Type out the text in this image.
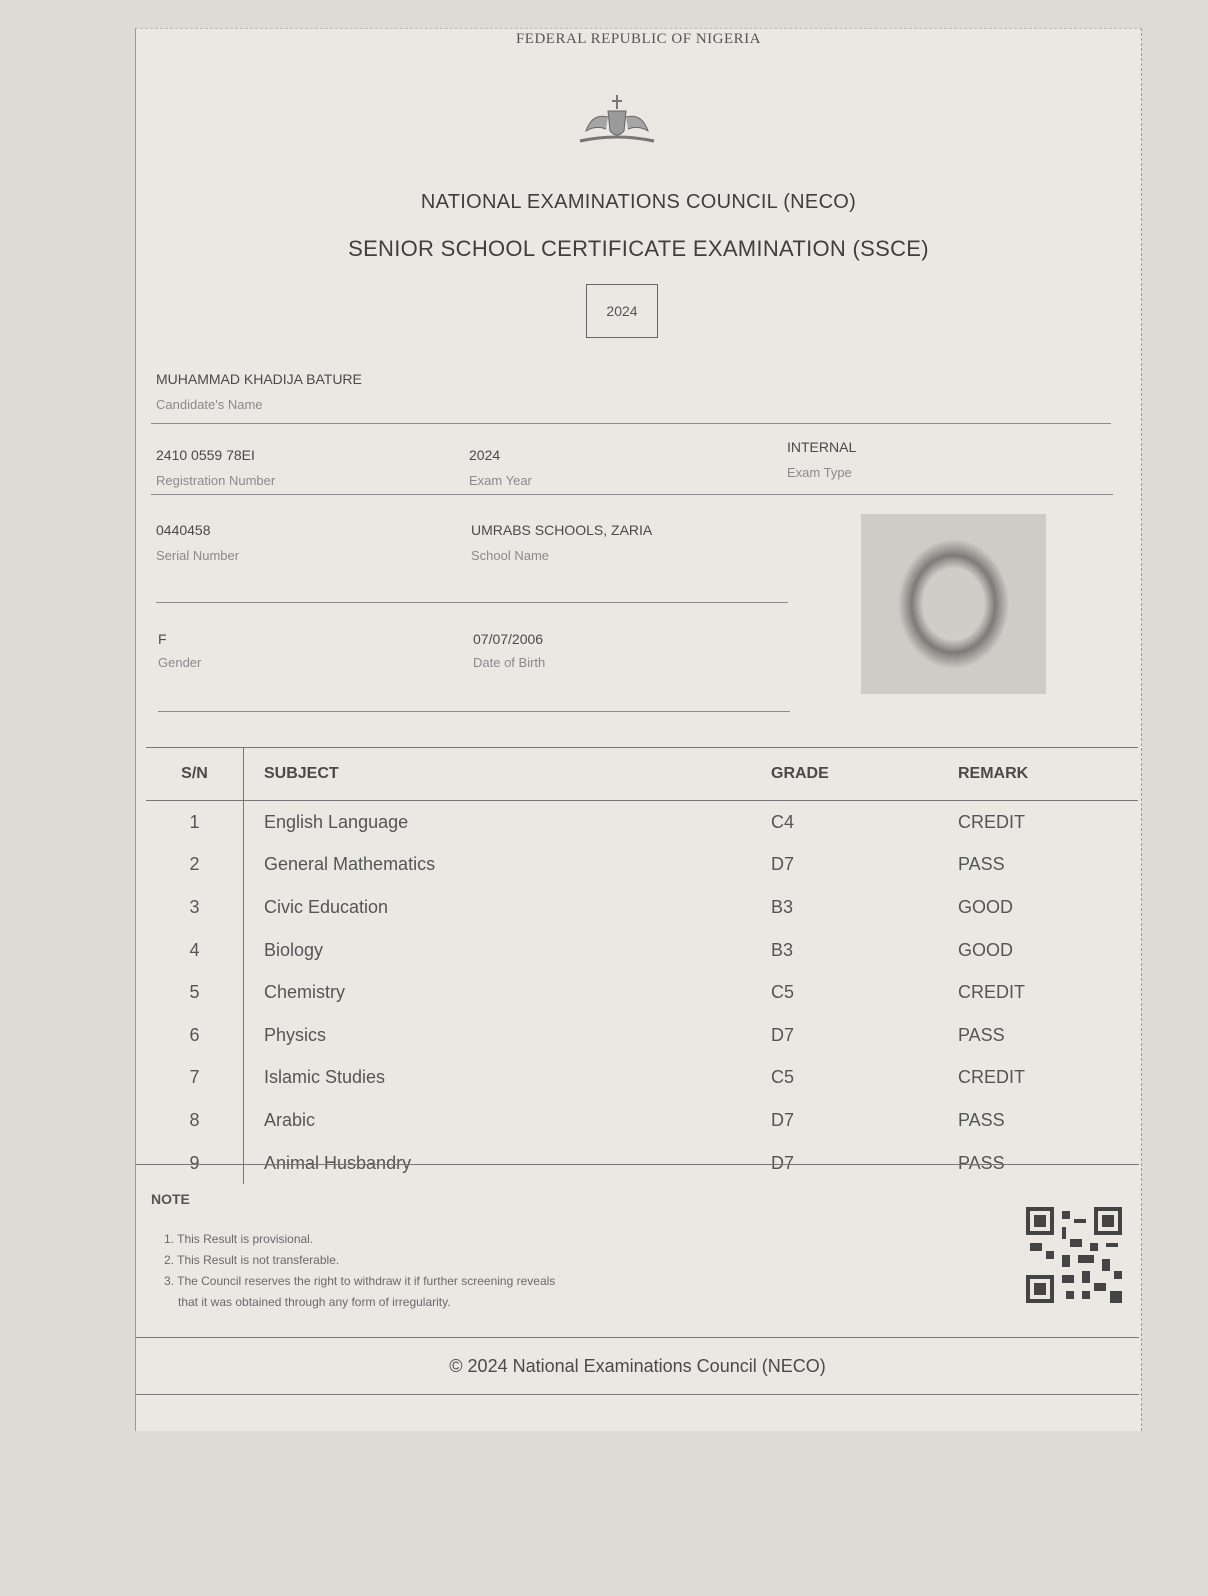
FEDERAL REPUBLIC OF NIGERIA
NATIONAL EXAMINATIONS COUNCIL (NECO)
SENIOR SCHOOL CERTIFICATE EXAMINATION (SSCE)
2024
MUHAMMAD KHADIJA BATURE
Candidate's Name
2410 0559 78EI
Registration Number
2024
Exam Year
INTERNAL
Exam Type
0440458
Serial Number
UMRABS SCHOOLS, ZARIA
School Name
F
Gender
07/07/2006
Date of Birth
S/N	SUBJECT	GRADE	REMARK
1	English Language	C4	CREDIT
2	General Mathematics	D7	PASS
3	Civic Education	B3	GOOD
4	Biology	B3	GOOD
5	Chemistry	C5	CREDIT
6	Physics	D7	PASS
7	Islamic Studies	C5	CREDIT
8	Arabic	D7	PASS
9	Animal Husbandry	D7	PASS
NOTE
1. This Result is provisional.
2. This Result is not transferable.
3. The Council reserves the right to withdraw it if further screening reveals
that it was obtained through any form of irregularity.
© 2024 National Examinations Council (NECO)
